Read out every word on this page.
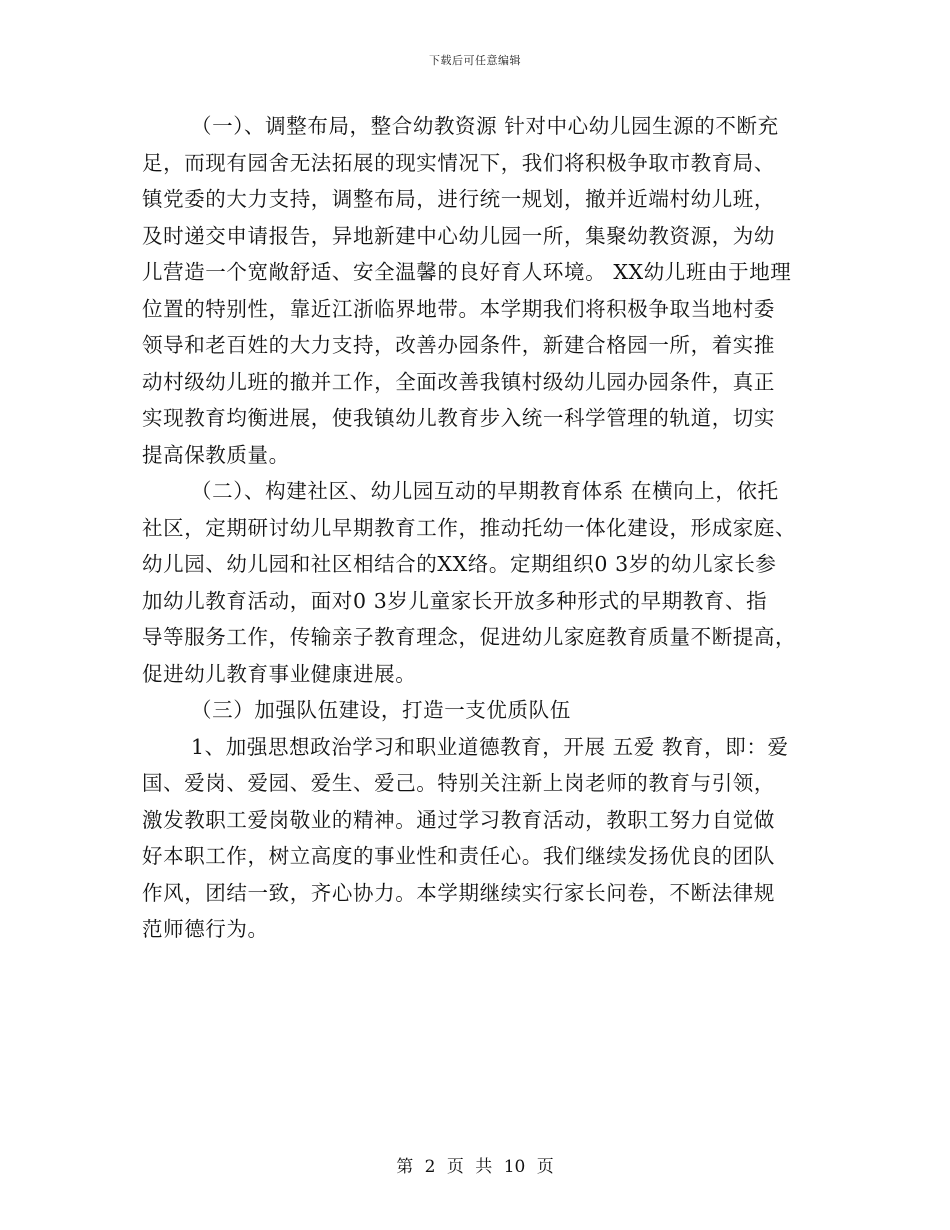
下载后可任意编辑
（一）、调整布局，整合幼教资源 针对中心幼儿园生源的不断充
足，而现有园舍无法拓展的现实情况下，我们将积极争取市教育局、
镇党委的大力支持，调整布局，进行统一规划，撤并近端村幼儿班，
及时递交申请报告，异地新建中心幼儿园一所，集聚幼教资源，为幼
儿营造一个宽敞舒适、安全温馨的良好育人环境。 XX幼儿班由于地理
位置的特别性，靠近江浙临界地带。本学期我们将积极争取当地村委
领导和老百姓的大力支持，改善办园条件，新建合格园一所，着实推
动村级幼儿班的撤并工作，全面改善我镇村级幼儿园办园条件，真正
实现教育均衡进展，使我镇幼儿教育步入统一科学管理的轨道，切实
提高保教质量。
（二）、构建社区、幼儿园互动的早期教育体系 在横向上，依托
社区，定期研讨幼儿早期教育工作，推动托幼一体化建设，形成家庭、
幼儿园、幼儿园和社区相结合的XX络。定期组织0 3岁的幼儿家长参
加幼儿教育活动，面对0 3岁儿童家长开放多种形式的早期教育、指
导等服务工作，传输亲子教育理念，促进幼儿家庭教育质量不断提高，
促进幼儿教育事业健康进展。
（三）加强队伍建设，打造一支优质队伍
1、加强思想政治学习和职业道德教育，开展 五爱 教育，即：爱
国、爱岗、爱园、爱生、爱己。特别关注新上岗老师的教育与引领，
激发教职工爱岗敬业的精神。通过学习教育活动，教职工努力自觉做
好本职工作，树立高度的事业性和责任心。我们继续发扬优良的团队
作风，团结一致，齐心协力。本学期继续实行家长问卷，不断法律规
范师德行为。
第 2 页 共 10 页
